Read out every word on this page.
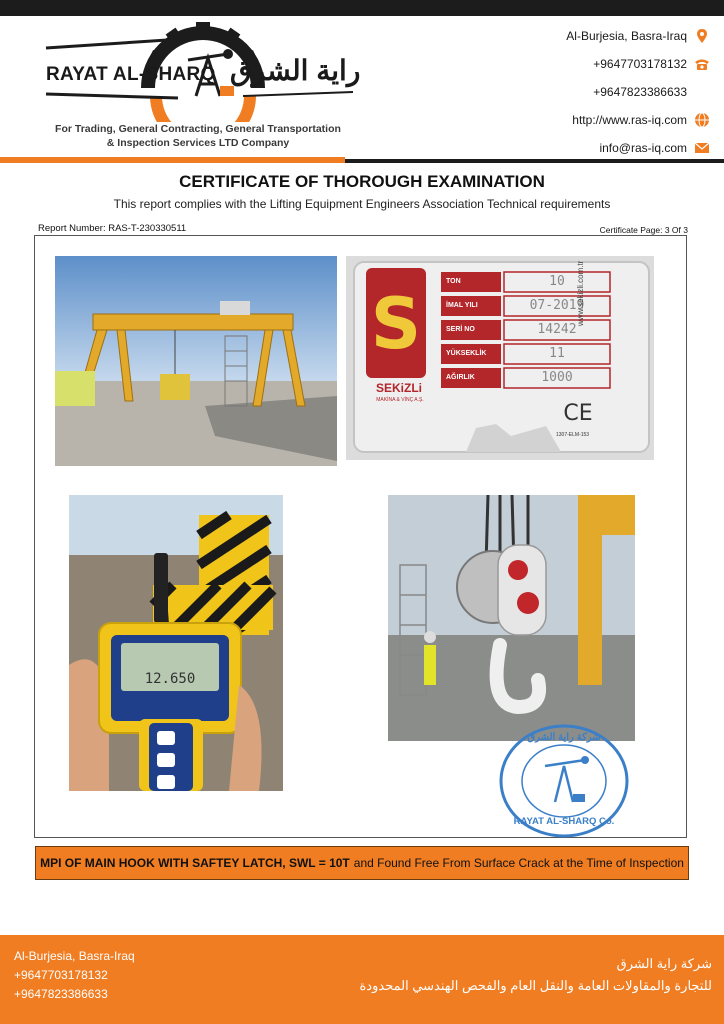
RAYAT AL-SHARQ راية الشرق
For Trading, General Contracting, General Transportation
& Inspection Services LTD Company
Al-Burjesia, Basra-Iraq
+9647703178132
+9647823386633
http://www.ras-iq.com
info@ras-iq.com
CERTIFICATE OF THOROUGH EXAMINATION
This report complies with the Lifting Equipment Engineers Association Technical requirements
Report Number: RAS-T-230330511	Certificate Page: 3 Of 3
S
CE
TON
İMAL YILI
SERİ NO
YÜKSEKLİK
AĞIRLIK
10
07-2019
14242
11
1000
SEKiZLi
MAKİNA & VİNÇ A.Ş.
www.sekizli.com.tr
1307-ELM-153
12.650
شركة راية الشرق
RAYAT AL-SHARQ Co.
MPI OF MAIN HOOK WITH SAFTEY LATCH, SWL = 10T and Found Free From Surface Crack at the Time of Inspection
Al-Burjesia, Basra-Iraq
+9647703178132
+9647823386633
شركة راية الشرق
للتجارة والمقاولات العامة والنقل العام والفحص الهندسي المحدودة
